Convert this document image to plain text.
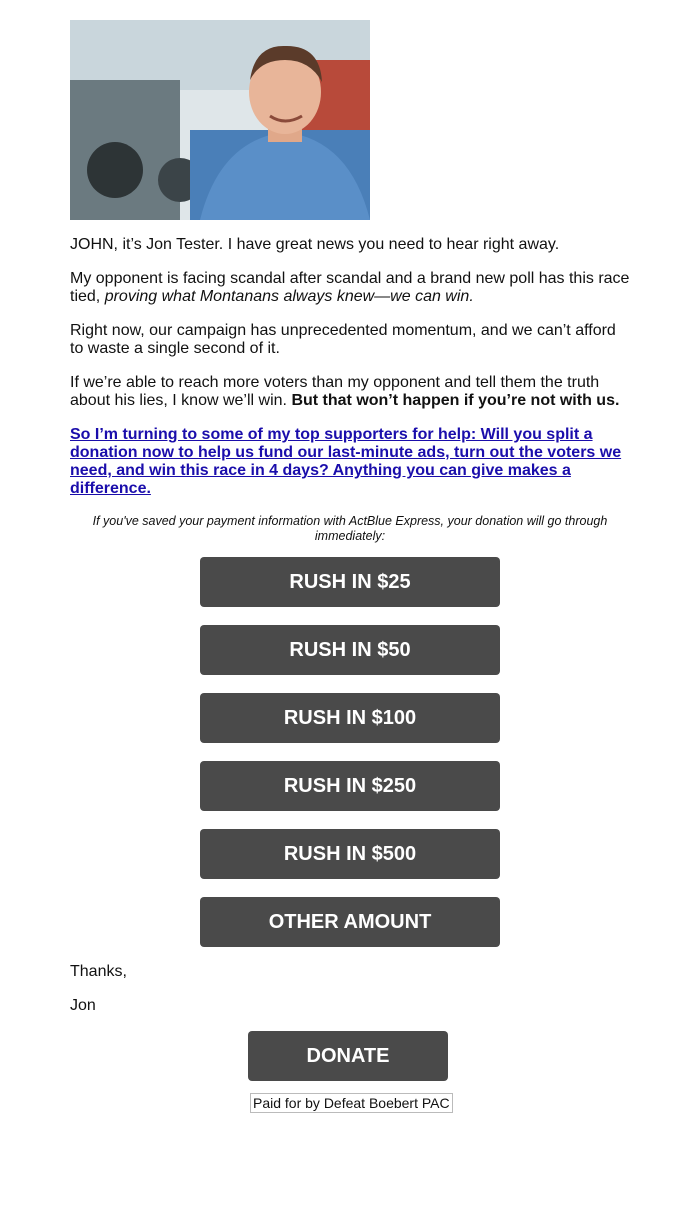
JOHN, it’s Jon Tester. I have great news you need to hear right away.

My opponent is facing scandal after scandal and a brand new poll has this race tied, proving what Montanans always knew—we can win.

Right now, our campaign has unprecedented momentum, and we can’t afford to waste a single second of it.

If we’re able to reach more voters than my opponent and tell them the truth about his lies, I know we’ll win. But that won’t happen if you’re not with us.

So I’m turning to some of my top supporters for help: Will you split a donation now to help us fund our last-minute ads, turn out the voters we need, and win this race in 4 days? Anything you can give makes a difference.

If you've saved your payment information with ActBlue Express, your donation will go through immediately:

RUSH IN $25
RUSH IN $50
RUSH IN $100
RUSH IN $250
RUSH IN $500
OTHER AMOUNT

Thanks,

Jon

DONATE
Paid for by Defeat Boebert PAC
